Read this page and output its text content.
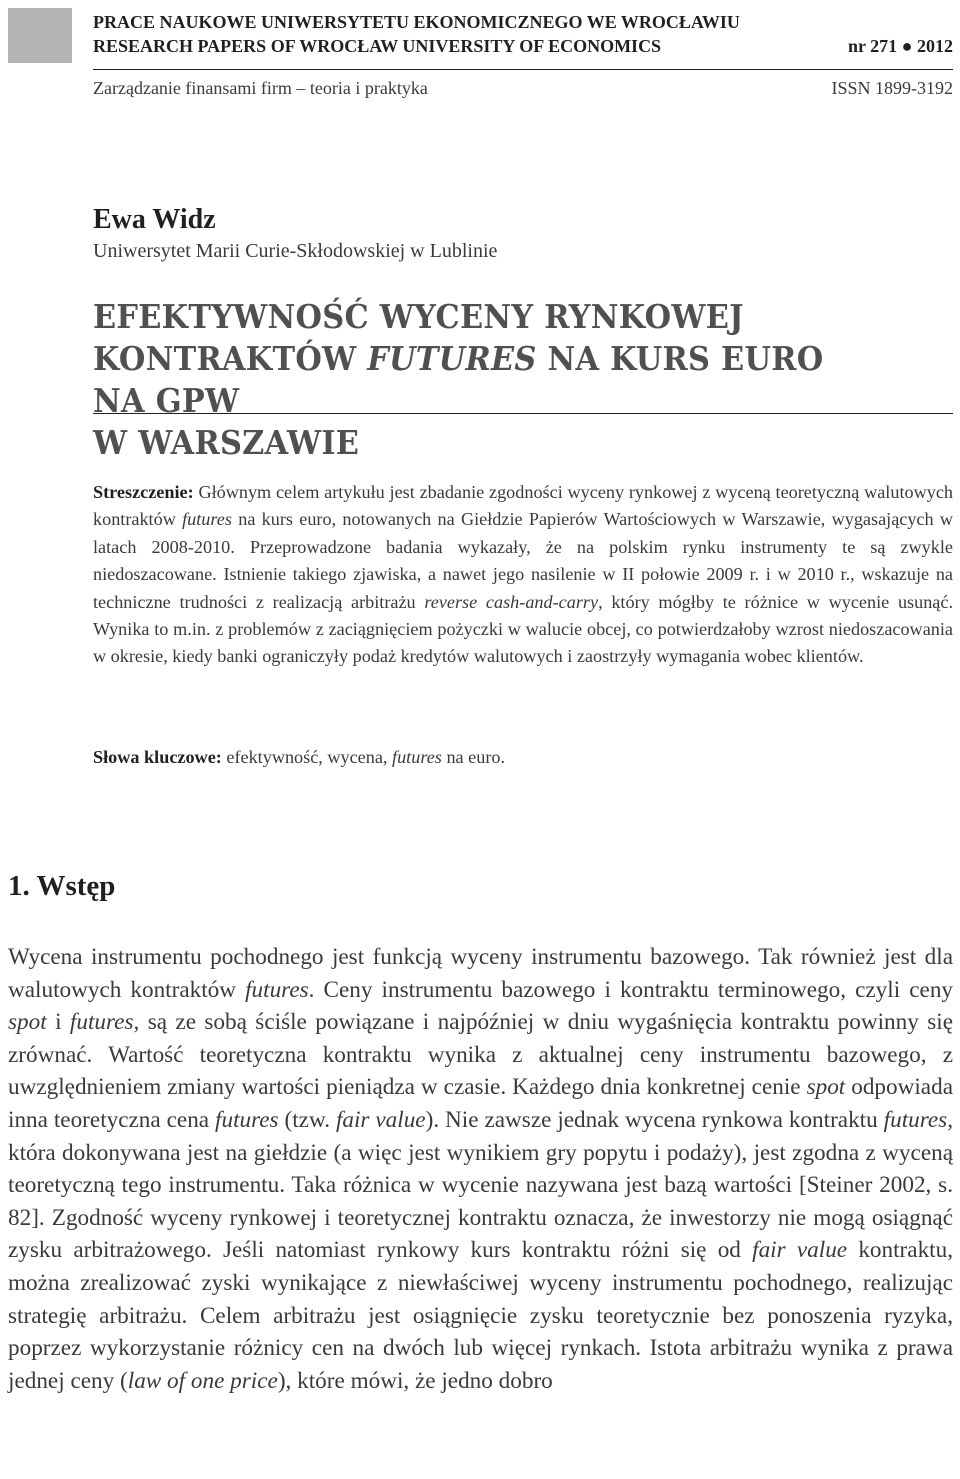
PRACE NAUKOWE UNIWERSYTETU EKONOMICZNEGO WE WROCŁAWIU
RESEARCH PAPERS OF WROCŁAW UNIVERSITY OF ECONOMICS	nr 271 ● 2012
Zarządzanie finansami firm – teoria i praktyka	ISSN 1899-3192
Ewa Widz
Uniwersytet Marii Curie-Skłodowskiej w Lublinie
EFEKTYWNOŚĆ WYCENY RYNKOWEJ
KONTRAKTÓW FUTURES NA KURS EURO NA GPW
W WARSZAWIE

Streszczenie: Głównym celem artykułu jest zbadanie zgodności wyceny rynkowej z wyceną teoretyczną walutowych kontraktów futures na kurs euro, notowanych na Giełdzie Papierów Wartościowych w Warszawie, wygasających w latach 2008-2010. Przeprowadzone badania wykazały, że na polskim rynku instrumenty te są zwykle niedoszacowane. Istnienie takiego zjawiska, a nawet jego nasilenie w II połowie 2009 r. i w 2010 r., wskazuje na techniczne trudności z realizacją arbitrażu reverse cash-and-carry, który mógłby te różnice w wycenie usunąć. Wynika to m.in. z problemów z zaciągnięciem pożyczki w walucie obcej, co potwierdzałoby wzrost niedoszacowania w okresie, kiedy banki ograniczyły podaż kredytów walutowych i zaostrzyły wymagania wobec klientów.

Słowa kluczowe: efektywność, wycena, futures na euro.
1. Wstęp

Wycena instrumentu pochodnego jest funkcją wyceny instrumentu bazowego. Tak również jest dla walutowych kontraktów futures. Ceny instrumentu bazowego i kontraktu terminowego, czyli ceny spot i futures, są ze sobą ściśle powiązane i najpóźniej w dniu wygaśnięcia kontraktu powinny się zrównać. Wartość teoretyczna kontraktu wynika z aktualnej ceny instrumentu bazowego, z uwzględnieniem zmiany wartości pieniądza w czasie. Każdego dnia konkretnej cenie spot odpowiada inna teoretyczna cena futures (tzw. fair value). Nie zawsze jednak wycena rynkowa kontraktu futures, która dokonywana jest na giełdzie (a więc jest wynikiem gry popytu i podaży), jest zgodna z wyceną teoretyczną tego instrumentu. Taka różnica w wycenie nazywana jest bazą wartości [Steiner 2002, s. 82]. Zgodność wyceny rynkowej i teoretycznej kontraktu oznacza, że inwestorzy nie mogą osiągnąć zysku arbitrażowego. Jeśli natomiast rynkowy kurs kontraktu różni się od fair value kontraktu, można zrealizować zyski wynikające z niewłaściwej wyceny instrumentu pochodnego, realizując strategię arbitrażu. Celem arbitrażu jest osiągnięcie zysku teoretycznie bez ponoszenia ryzyka, poprzez wykorzystanie różnicy cen na dwóch lub więcej rynkach. Istota arbitrażu wynika z prawa jednej ceny (law of one price), które mówi, że jedno dobro
